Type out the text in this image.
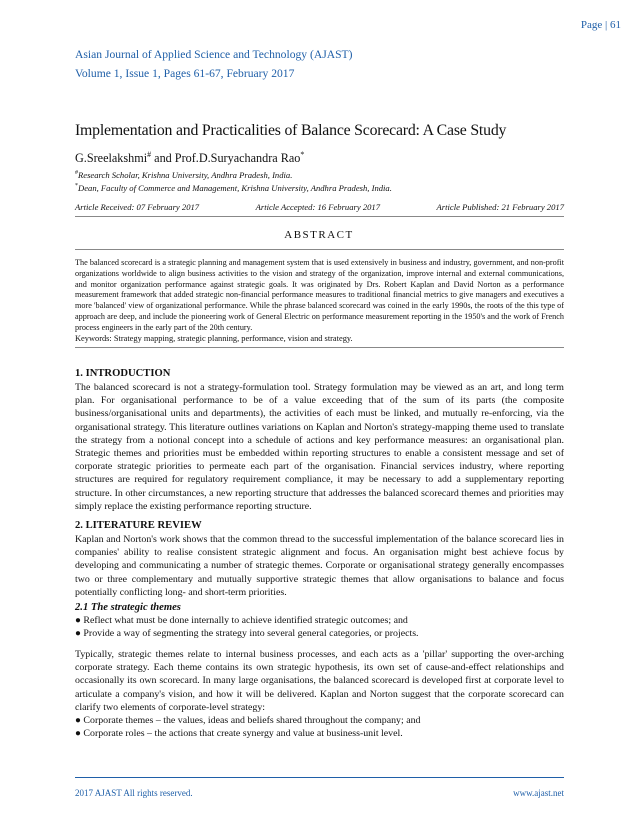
Asian Journal of Applied Science and Technology (AJAST)
Volume 1, Issue 1, Pages 61-67, February 2017
Page | 61
Implementation and Practicalities of Balance Scorecard: A Case Study
G.Sreelakshmi# and Prof.D.Suryachandra Rao*
#Research Scholar, Krishna University, Andhra Pradesh, India.
*Dean, Faculty of Commerce and Management, Krishna University, Andhra Pradesh, India.
Article Received: 07 February 2017	Article Accepted: 16 February 2017	Article Published: 21 February 2017
ABSTRACT
The balanced scorecard is a strategic planning and management system that is used extensively in business and industry, government, and non-profit organizations worldwide to align business activities to the vision and strategy of the organization, improve internal and external communications, and monitor organization performance against strategic goals. It was originated by Drs. Robert Kaplan and David Norton as a performance measurement framework that added strategic non-financial performance measures to traditional financial metrics to give managers and executives a more 'balanced' view of organizational performance. While the phrase balanced scorecard was coined in the early 1990s, the roots of the this type of approach are deep, and include the pioneering work of General Electric on performance measurement reporting in the 1950's and the work of French process engineers in the early part of the 20th century.
Keywords: Strategy mapping, strategic planning, performance, vision and strategy.
1. INTRODUCTION
The balanced scorecard is not a strategy-formulation tool. Strategy formulation may be viewed as an art, and long term plan. For organisational performance to be of a value exceeding that of the sum of its parts (the composite business/organisational units and departments), the activities of each must be linked, and mutually re-enforcing, via the organisational strategy. This literature outlines variations on Kaplan and Norton's strategy-mapping theme used to translate the strategy from a notional concept into a schedule of actions and key performance measures: an organisational plan. Strategic themes and priorities must be embedded within reporting structures to enable a consistent message and set of corporate strategic priorities to permeate each part of the organisation. Financial services industry, where reporting structures are required for regulatory requirement compliance, it may be necessary to add a supplementary reporting structure. In other circumstances, a new reporting structure that addresses the balanced scorecard themes and priorities may simply replace the existing performance reporting structure.
2. LITERATURE REVIEW
Kaplan and Norton's work shows that the common thread to the successful implementation of the balance scorecard lies in companies' ability to realise consistent strategic alignment and focus. An organisation might best achieve focus by developing and communicating a number of strategic themes. Corporate or organisational strategy generally encompasses two or three complementary and mutually supportive strategic themes that allow organisations to balance and focus potentially conflicting long- and short-term priorities.
2.1 The strategic themes
● Reflect what must be done internally to achieve identified strategic outcomes; and
● Provide a way of segmenting the strategy into several general categories, or projects.
Typically, strategic themes relate to internal business processes, and each acts as a 'pillar' supporting the over-arching corporate strategy. Each theme contains its own strategic hypothesis, its own set of cause-and-effect relationships and occasionally its own scorecard. In many large organisations, the balanced scorecard is developed first at corporate level to articulate a company's vision, and how it will be delivered. Kaplan and Norton suggest that the corporate scorecard can clarify two elements of corporate-level strategy:
● Corporate themes – the values, ideas and beliefs shared throughout the company; and
● Corporate roles – the actions that create synergy and value at business-unit level.
2017 AJAST All rights reserved.	www.ajast.net
